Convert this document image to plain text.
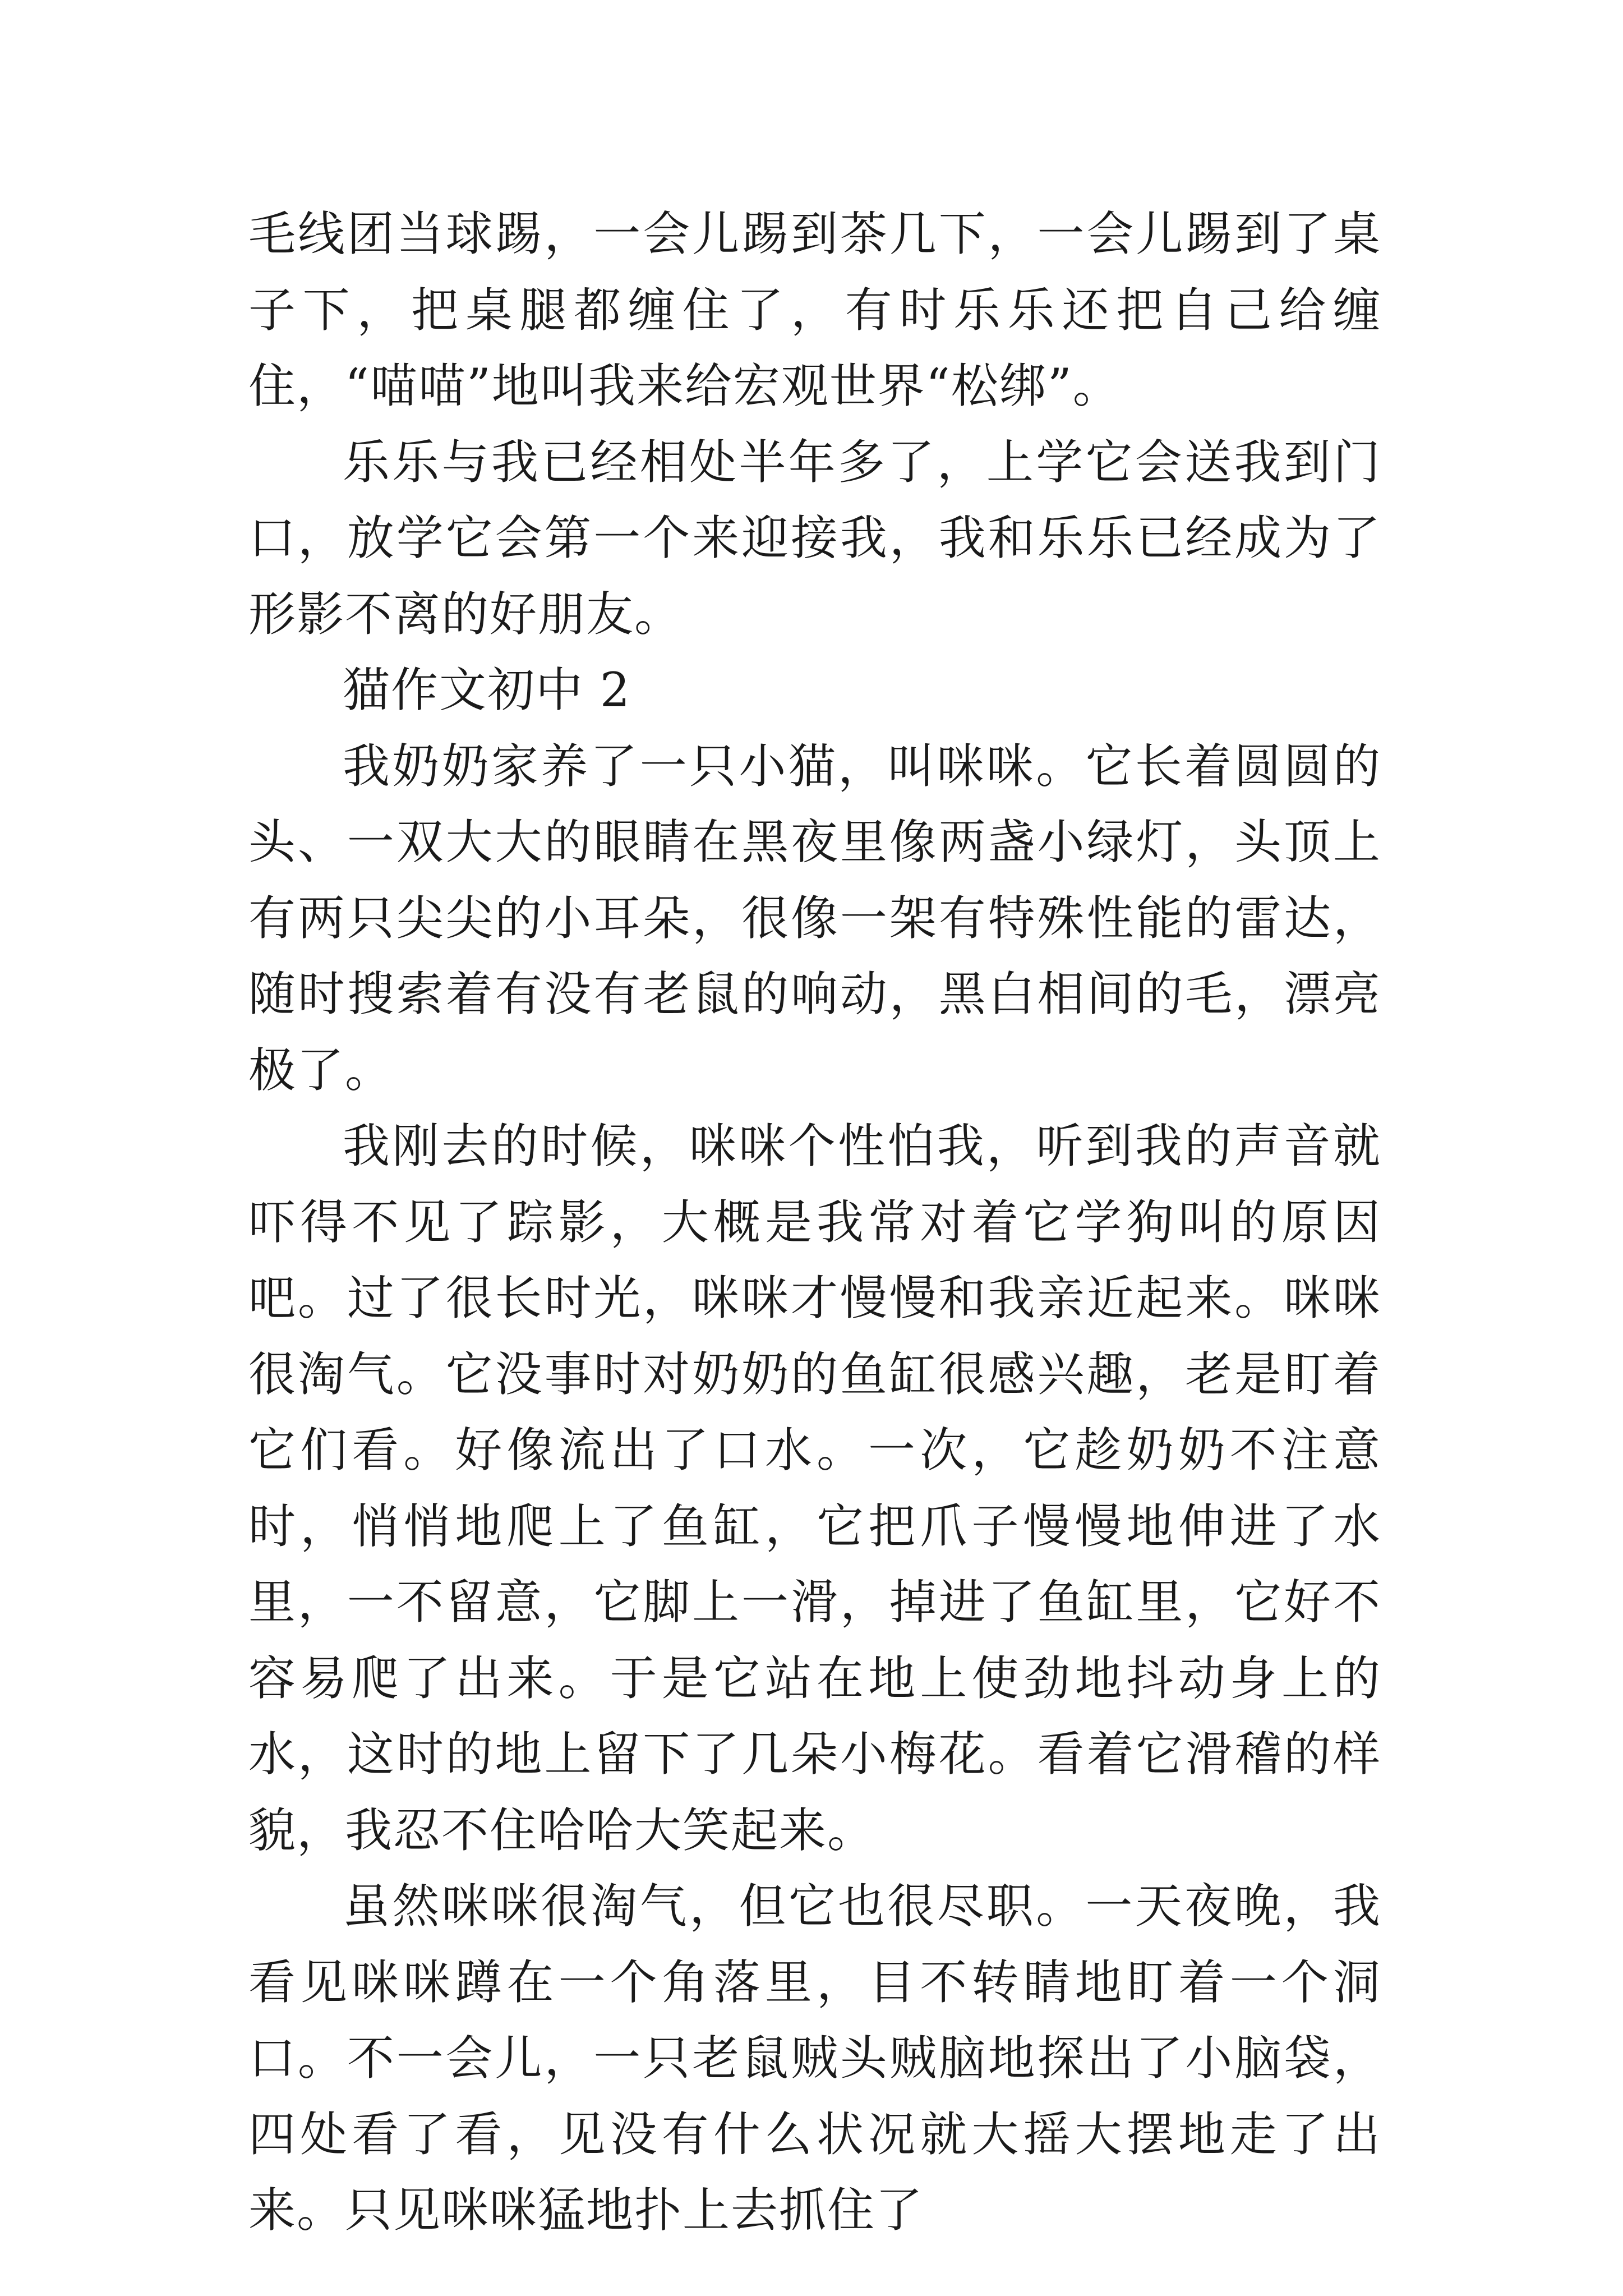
毛线团当球踢，一会儿踢到茶几下，一会儿踢到了桌子下，把桌腿都缠住了，有时乐乐还把自己给缠住，“喵喵”地叫我来给宏观世界“松绑”。

乐乐与我已经相处半年多了，上学它会送我到门口，放学它会第一个来迎接我，我和乐乐已经成为了形影不离的好朋友。

猫作文初中 2

我奶奶家养了一只小猫，叫咪咪。它长着圆圆的头、一双大大的眼睛在黑夜里像两盏小绿灯，头顶上有两只尖尖的小耳朵，很像一架有特殊性能的雷达，随时搜索着有没有老鼠的响动，黑白相间的毛，漂亮极了。

我刚去的时候，咪咪个性怕我，听到我的声音就吓得不见了踪影，大概是我常对着它学狗叫的原因吧。过了很长时光，咪咪才慢慢和我亲近起来。咪咪很淘气。它没事时对奶奶的鱼缸很感兴趣，老是盯着它们看。好像流出了口水。一次，它趁奶奶不注意时，悄悄地爬上了鱼缸，它把爪子慢慢地伸进了水里，一不留意，它脚上一滑，掉进了鱼缸里，它好不容易爬了出来。于是它站在地上使劲地抖动身上的水，这时的地上留下了几朵小梅花。看着它滑稽的样貌，我忍不住哈哈大笑起来。

虽然咪咪很淘气，但它也很尽职。一天夜晚，我看见咪咪蹲在一个角落里，目不转睛地盯着一个洞口。不一会儿，一只老鼠贼头贼脑地探出了小脑袋，四处看了看，见没有什么状况就大摇大摆地走了出来。只见咪咪猛地扑上去抓住了
